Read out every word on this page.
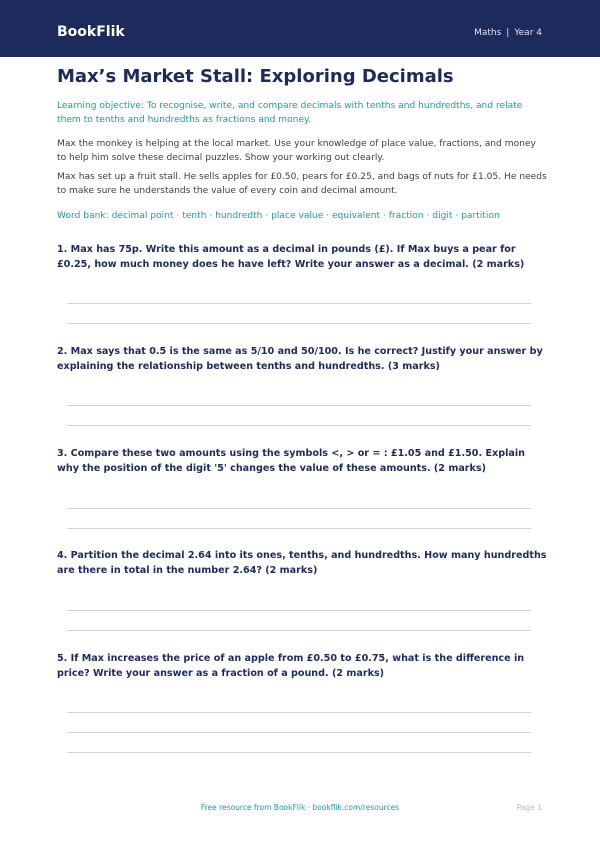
BookFlik	Maths | Year 4
Max’s Market Stall: Exploring Decimals

Learning objective: To recognise, write, and compare decimals with tenths and hundredths, and relate them to tenths and hundredths as fractions and money.

Max the monkey is helping at the local market. Use your knowledge of place value, fractions, and money to help him solve these decimal puzzles. Show your working out clearly.

Max has set up a fruit stall. He sells apples for £0.50, pears for £0.25, and bags of nuts for £1.05. He needs to make sure he understands the value of every coin and decimal amount.

Word bank: decimal point · tenth · hundredth · place value · equivalent · fraction · digit · partition

1. Max has 75p. Write this amount as a decimal in pounds (£). If Max buys a pear for £0.25, how much money does he have left? Write your answer as a decimal. (2 marks)

2. Max says that 0.5 is the same as 5/10 and 50/100. Is he correct? Justify your answer by explaining the relationship between tenths and hundredths. (3 marks)

3. Compare these two amounts using the symbols <, > or = : £1.05 and £1.50. Explain why the position of the digit '5' changes the value of these amounts. (2 marks)

4. Partition the decimal 2.64 into its ones, tenths, and hundredths. How many hundredths are there in total in the number 2.64? (2 marks)

5. If Max increases the price of an apple from £0.50 to £0.75, what is the difference in price? Write your answer as a fraction of a pound. (2 marks)

Free resource from BookFlik · bookflik.com/resources	Page 1
